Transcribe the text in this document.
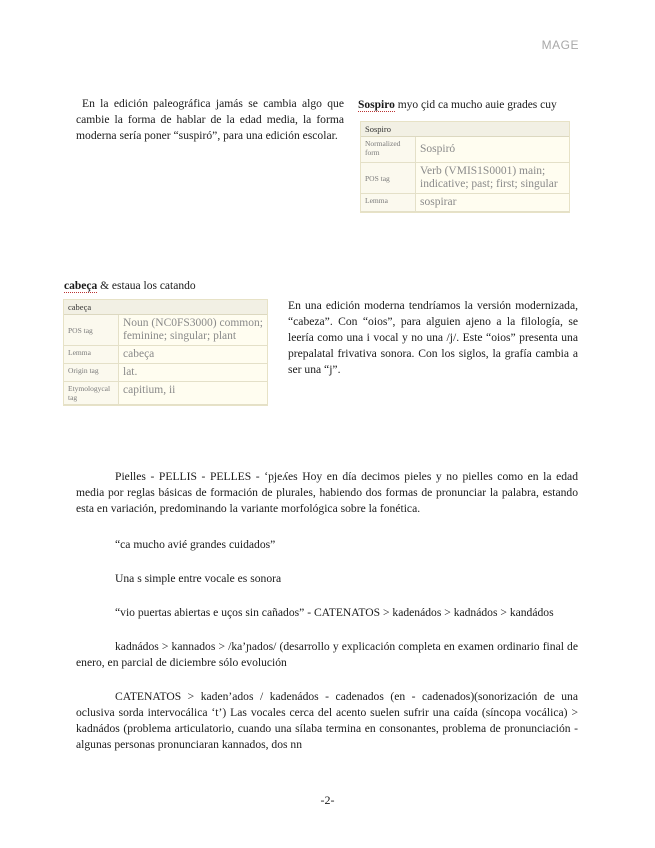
MAGE
En la edición paleográfica jamás se cambia algo que cambie la forma de hablar de la edad media, la forma moderna sería poner “suspiró”, para una edición escolar.
Sospiro myo çid ca mucho auie grades cuy
Sospiro
Normalized form	Sospiró
POS tag	Verb (VMIS1S0001) main; indicative; past; first; singular
Lemma	sospirar
cabeça & estaua los catando
cabeça
POS tag	Noun (NC0FS3000) common; feminine; singular; plant
Lemma	cabeça
Origin tag	lat.
Etymologycal tag	capitium, ii
En una edición moderna tendríamos la versión modernizada, “cabeza”. Con “oios”, para alguien ajeno a la filología, se leería como una i vocal y no una /j/. Este “oios” presenta una prepalatal frivativa sonora. Con los siglos, la grafía cambia a ser una “j”.
Pielles - PELLIS - PELLES - ‘pjeʎes Hoy en día decimos pieles y no pielles como en la edad media por reglas básicas de formación de plurales, habiendo dos formas de pronunciar la palabra, estando esta en variación, predominando la variante morfológica sobre la fonética.
“ca mucho avié grandes cuidados”
Una s simple entre vocale es sonora
“vio puertas abiertas e uços sin cañados” - CATENATOS > kadenádos > kadnádos > kandádos
kadnádos > kannados > /ka’ɲados/ (desarrollo y explicación completa en examen ordinario final de enero, en parcial de diciembre sólo evolución
CATENATOS > kaden’ados / kadenádos - cadenados (en - cadenados)(sonorización de una oclusiva sorda intervocálica ‘t’) Las vocales cerca del acento suelen sufrir una caída (síncopa vocálica) > kadnádos (problema articulatorio, cuando una sílaba termina en consonantes, problema de pronunciación - algunas personas pronunciaran kannados, dos nn
-2-
